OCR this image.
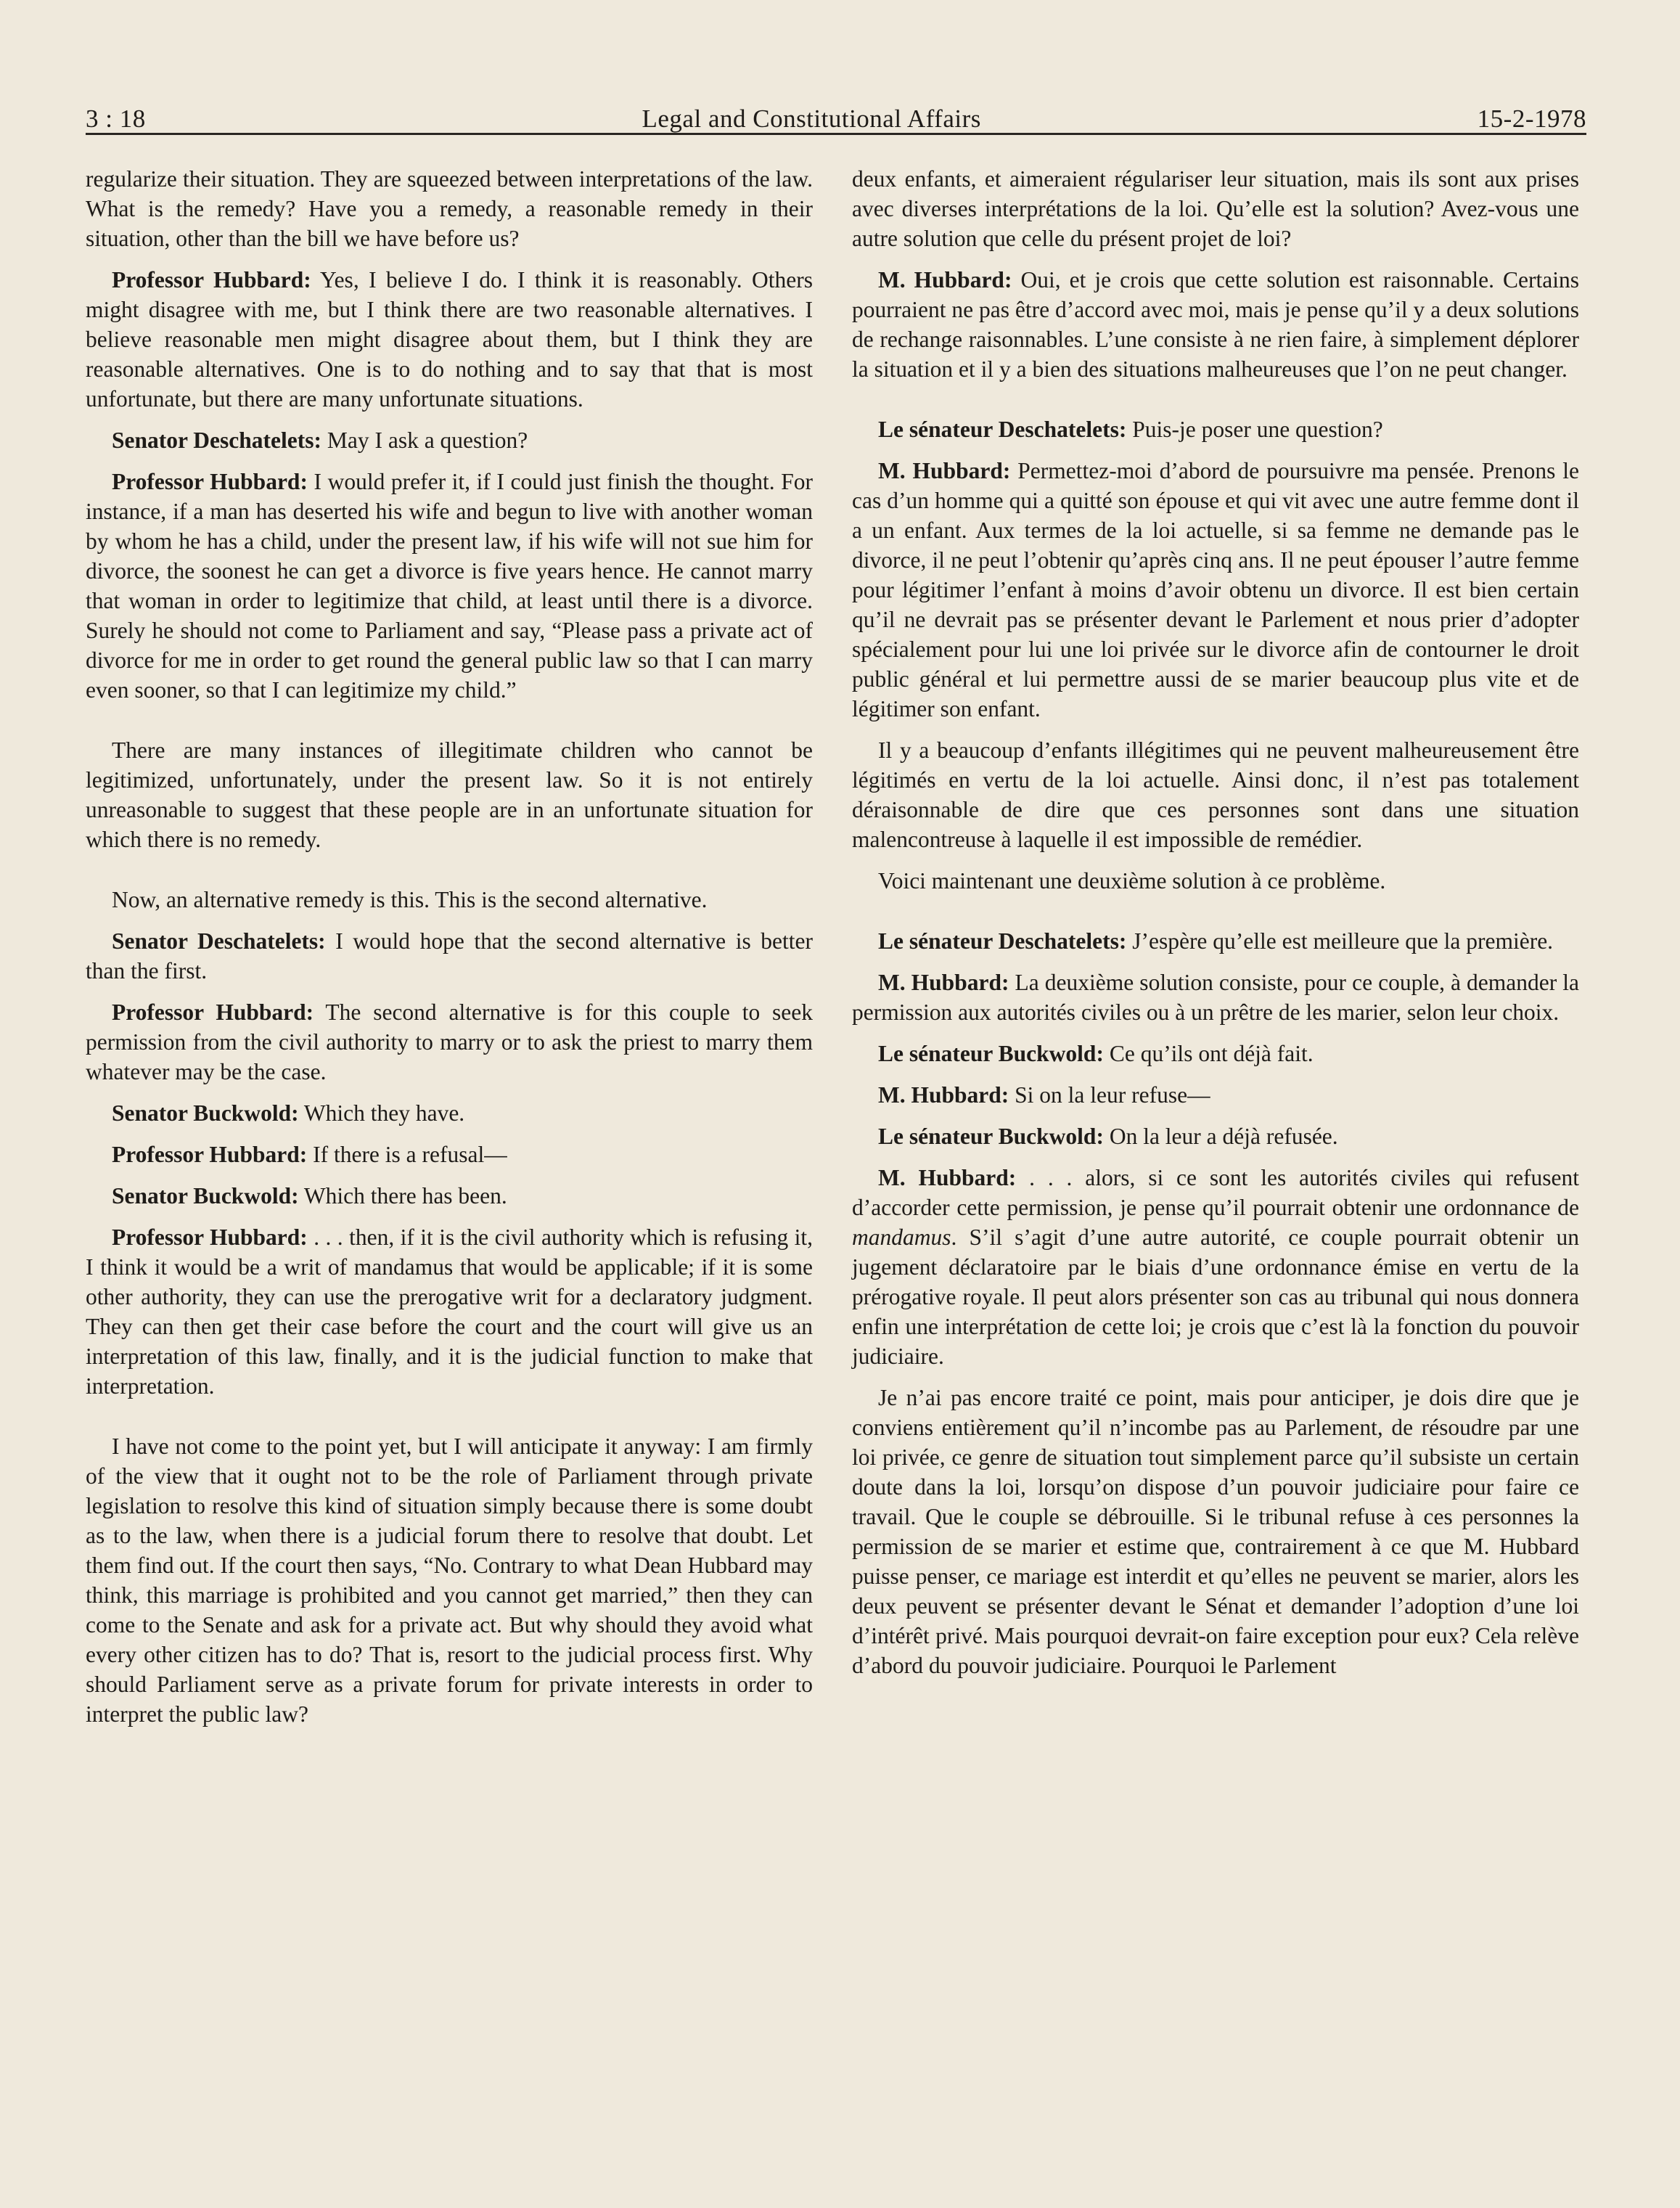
3 : 18	Legal and Constitutional Affairs	15-2-1978

regularize their situation. They are squeezed between interpretations of the law. What is the remedy? Have you a remedy, a reasonable remedy in their situation, other than the bill we have before us?

Professor Hubbard: Yes, I believe I do. I think it is reasonably. Others might disagree with me, but I think there are two reasonable alternatives. I believe reasonable men might disagree about them, but I think they are reasonable alternatives. One is to do nothing and to say that that is most unfortunate, but there are many unfortunate situations.

Senator Deschatelets: May I ask a question?

Professor Hubbard: I would prefer it, if I could just finish the thought. For instance, if a man has deserted his wife and begun to live with another woman by whom he has a child, under the present law, if his wife will not sue him for divorce, the soonest he can get a divorce is five years hence. He cannot marry that woman in order to legitimize that child, at least until there is a divorce. Surely he should not come to Parliament and say, “Please pass a private act of divorce for me in order to get round the general public law so that I can marry even sooner, so that I can legitimize my child.”

There are many instances of illegitimate children who cannot be legitimized, unfortunately, under the present law. So it is not entirely unreasonable to suggest that these people are in an unfortunate situation for which there is no remedy.

Now, an alternative remedy is this. This is the second alternative.

Senator Deschatelets: I would hope that the second alternative is better than the first.

Professor Hubbard: The second alternative is for this couple to seek permission from the civil authority to marry or to ask the priest to marry them whatever may be the case.

Senator Buckwold: Which they have.

Professor Hubbard: If there is a refusal—

Senator Buckwold: Which there has been.

Professor Hubbard: . . . then, if it is the civil authority which is refusing it, I think it would be a writ of mandamus that would be applicable; if it is some other authority, they can use the prerogative writ for a declaratory judgment. They can then get their case before the court and the court will give us an interpretation of this law, finally, and it is the judicial function to make that interpretation.

I have not come to the point yet, but I will anticipate it anyway: I am firmly of the view that it ought not to be the role of Parliament through private legislation to resolve this kind of situation simply because there is some doubt as to the law, when there is a judicial forum there to resolve that doubt. Let them find out. If the court then says, “No. Contrary to what Dean Hubbard may think, this marriage is prohibited and you cannot get married,” then they can come to the Senate and ask for a private act. But why should they avoid what every other citizen has to do? That is, resort to the judicial process first. Why should Parliament serve as a private forum for private interests in order to interpret the public law?

deux enfants, et aimeraient régulariser leur situation, mais ils sont aux prises avec diverses interprétations de la loi. Qu’elle est la solution? Avez-vous une autre solution que celle du présent projet de loi?

M. Hubbard: Oui, et je crois que cette solution est raisonnable. Certains pourraient ne pas être d’accord avec moi, mais je pense qu’il y a deux solutions de rechange raisonnables. L’une consiste à ne rien faire, à simplement déplorer la situation et il y a bien des situations malheureuses que l’on ne peut changer.

Le sénateur Deschatelets: Puis-je poser une question?

M. Hubbard: Permettez-moi d’abord de poursuivre ma pensée. Prenons le cas d’un homme qui a quitté son épouse et qui vit avec une autre femme dont il a un enfant. Aux termes de la loi actuelle, si sa femme ne demande pas le divorce, il ne peut l’obtenir qu’après cinq ans. Il ne peut épouser l’autre femme pour légitimer l’enfant à moins d’avoir obtenu un divorce. Il est bien certain qu’il ne devrait pas se présenter devant le Parlement et nous prier d’adopter spécialement pour lui une loi privée sur le divorce afin de contourner le droit public général et lui permettre aussi de se marier beaucoup plus vite et de légitimer son enfant.

Il y a beaucoup d’enfants illégitimes qui ne peuvent malheureusement être légitimés en vertu de la loi actuelle. Ainsi donc, il n’est pas totalement déraisonnable de dire que ces personnes sont dans une situation malencontreuse à laquelle il est impossible de remédier.

Voici maintenant une deuxième solution à ce problème.

Le sénateur Deschatelets: J’espère qu’elle est meilleure que la première.

M. Hubbard: La deuxième solution consiste, pour ce couple, à demander la permission aux autorités civiles ou à un prêtre de les marier, selon leur choix.

Le sénateur Buckwold: Ce qu’ils ont déjà fait.

M. Hubbard: Si on la leur refuse—

Le sénateur Buckwold: On la leur a déjà refusée.

M. Hubbard: . . . alors, si ce sont les autorités civiles qui refusent d’accorder cette permission, je pense qu’il pourrait obtenir une ordonnance de mandamus. S’il s’agit d’une autre autorité, ce couple pourrait obtenir un jugement déclaratoire par le biais d’une ordonnance émise en vertu de la prérogative royale. Il peut alors présenter son cas au tribunal qui nous donnera enfin une interprétation de cette loi; je crois que c’est là la fonction du pouvoir judiciaire.

Je n’ai pas encore traité ce point, mais pour anticiper, je dois dire que je conviens entièrement qu’il n’incombe pas au Parlement, de résoudre par une loi privée, ce genre de situation tout simplement parce qu’il subsiste un certain doute dans la loi, lorsqu’on dispose d’un pouvoir judiciaire pour faire ce travail. Que le couple se débrouille. Si le tribunal refuse à ces personnes la permission de se marier et estime que, contrairement à ce que M. Hubbard puisse penser, ce mariage est interdit et qu’elles ne peuvent se marier, alors les deux peuvent se présenter devant le Sénat et demander l’adoption d’une loi d’intérêt privé. Mais pourquoi devrait-on faire exception pour eux? Cela relève d’abord du pouvoir judiciaire. Pourquoi le Parlement
